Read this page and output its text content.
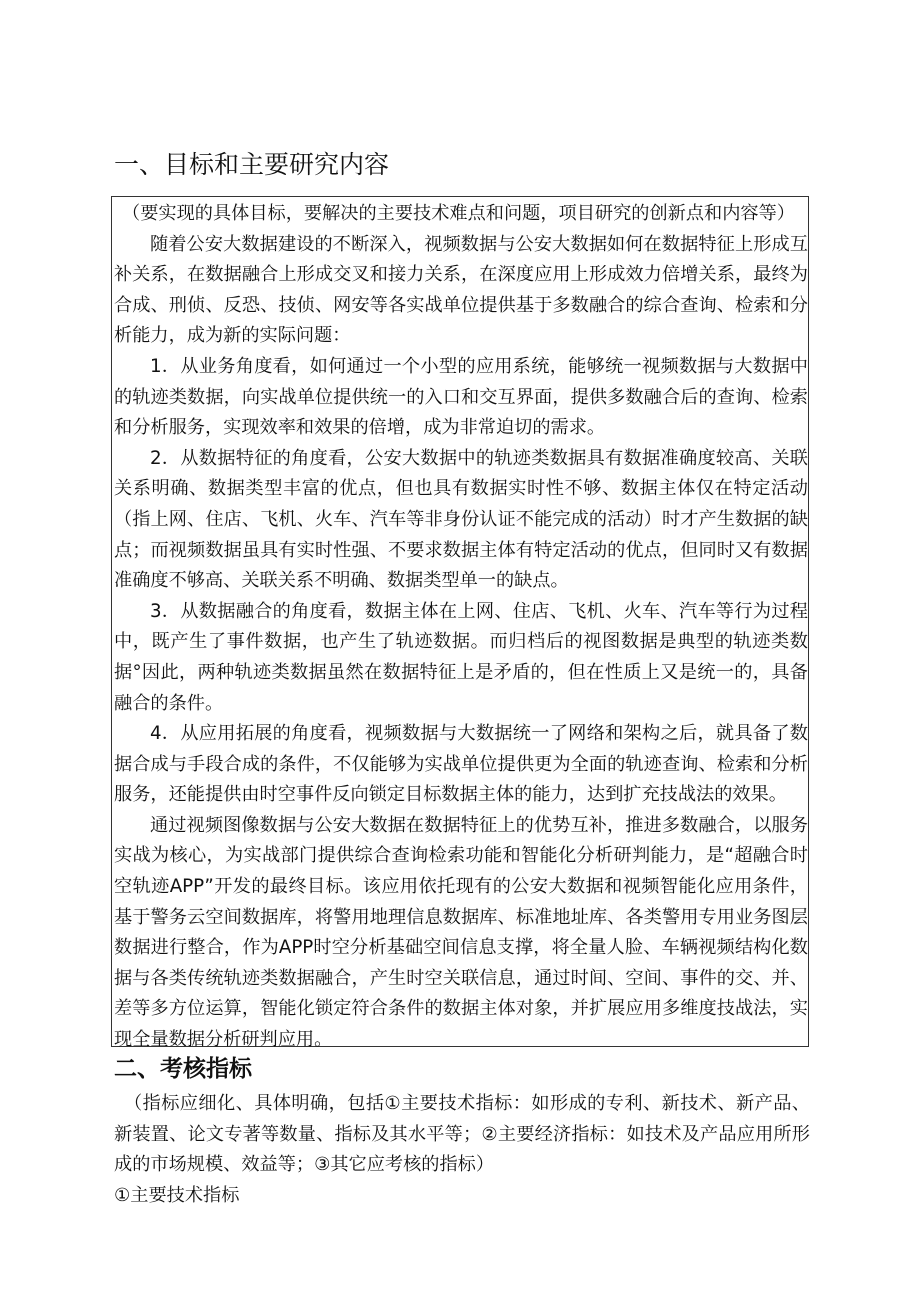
一、目标和主要研究内容

（要实现的具体目标，要解决的主要技术难点和问题，项目研究的创新点和内容等）

随着公安大数据建设的不断深入，视频数据与公安大数据如何在数据特征上形成互补关系，在数据融合上形成交叉和接力关系，在深度应用上形成效力倍增关系，最终为合成、刑侦、反恐、技侦、网安等各实战单位提供基于多数融合的综合查询、检索和分析能力，成为新的实际问题：

1．从业务角度看，如何通过一个小型的应用系统，能够统一视频数据与大数据中的轨迹类数据，向实战单位提供统一的入口和交互界面，提供多数融合后的查询、检索和分析服务，实现效率和效果的倍增，成为非常迫切的需求。

2．从数据特征的角度看，公安大数据中的轨迹类数据具有数据准确度较高、关联关系明确、数据类型丰富的优点，但也具有数据实时性不够、数据主体仅在特定活动（指上网、住店、飞机、火车、汽车等非身份认证不能完成的活动）时才产生数据的缺点；而视频数据虽具有实时性强、不要求数据主体有特定活动的优点，但同时又有数据准确度不够高、关联关系不明确、数据类型单一的缺点。

3．从数据融合的角度看，数据主体在上网、住店、飞机、火车、汽车等行为过程中，既产生了事件数据，也产生了轨迹数据。而归档后的视图数据是典型的轨迹类数据°因此，两种轨迹类数据虽然在数据特征上是矛盾的，但在性质上又是统一的，具备融合的条件。

4．从应用拓展的角度看，视频数据与大数据统一了网络和架构之后，就具备了数据合成与手段合成的条件，不仅能够为实战单位提供更为全面的轨迹查询、检索和分析服务，还能提供由时空事件反向锁定目标数据主体的能力，达到扩充技战法的效果。

通过视频图像数据与公安大数据在数据特征上的优势互补，推进多数融合，以服务实战为核心，为实战部门提供综合查询检索功能和智能化分析研判能力，是“超融合时空轨迹APP”开发的最终目标。该应用依托现有的公安大数据和视频智能化应用条件，基于警务云空间数据库，将警用地理信息数据库、标准地址库、各类警用专用业务图层数据进行整合，作为APP时空分析基础空间信息支撑，将全量人脸、车辆视频结构化数据与各类传统轨迹类数据融合，产生时空关联信息，通过时间、空间、事件的交、并、差等多方位运算，智能化锁定符合条件的数据主体对象，并扩展应用多维度技战法，实现全量数据分析研判应用。

二、考核指标

（指标应细化、具体明确，包括①主要技术指标：如形成的专利、新技术、新产品、新装置、论文专著等数量、指标及其水平等；②主要经济指标：如技术及产品应用所形成的市场规模、效益等；③其它应考核的指标）

①主要技术指标
